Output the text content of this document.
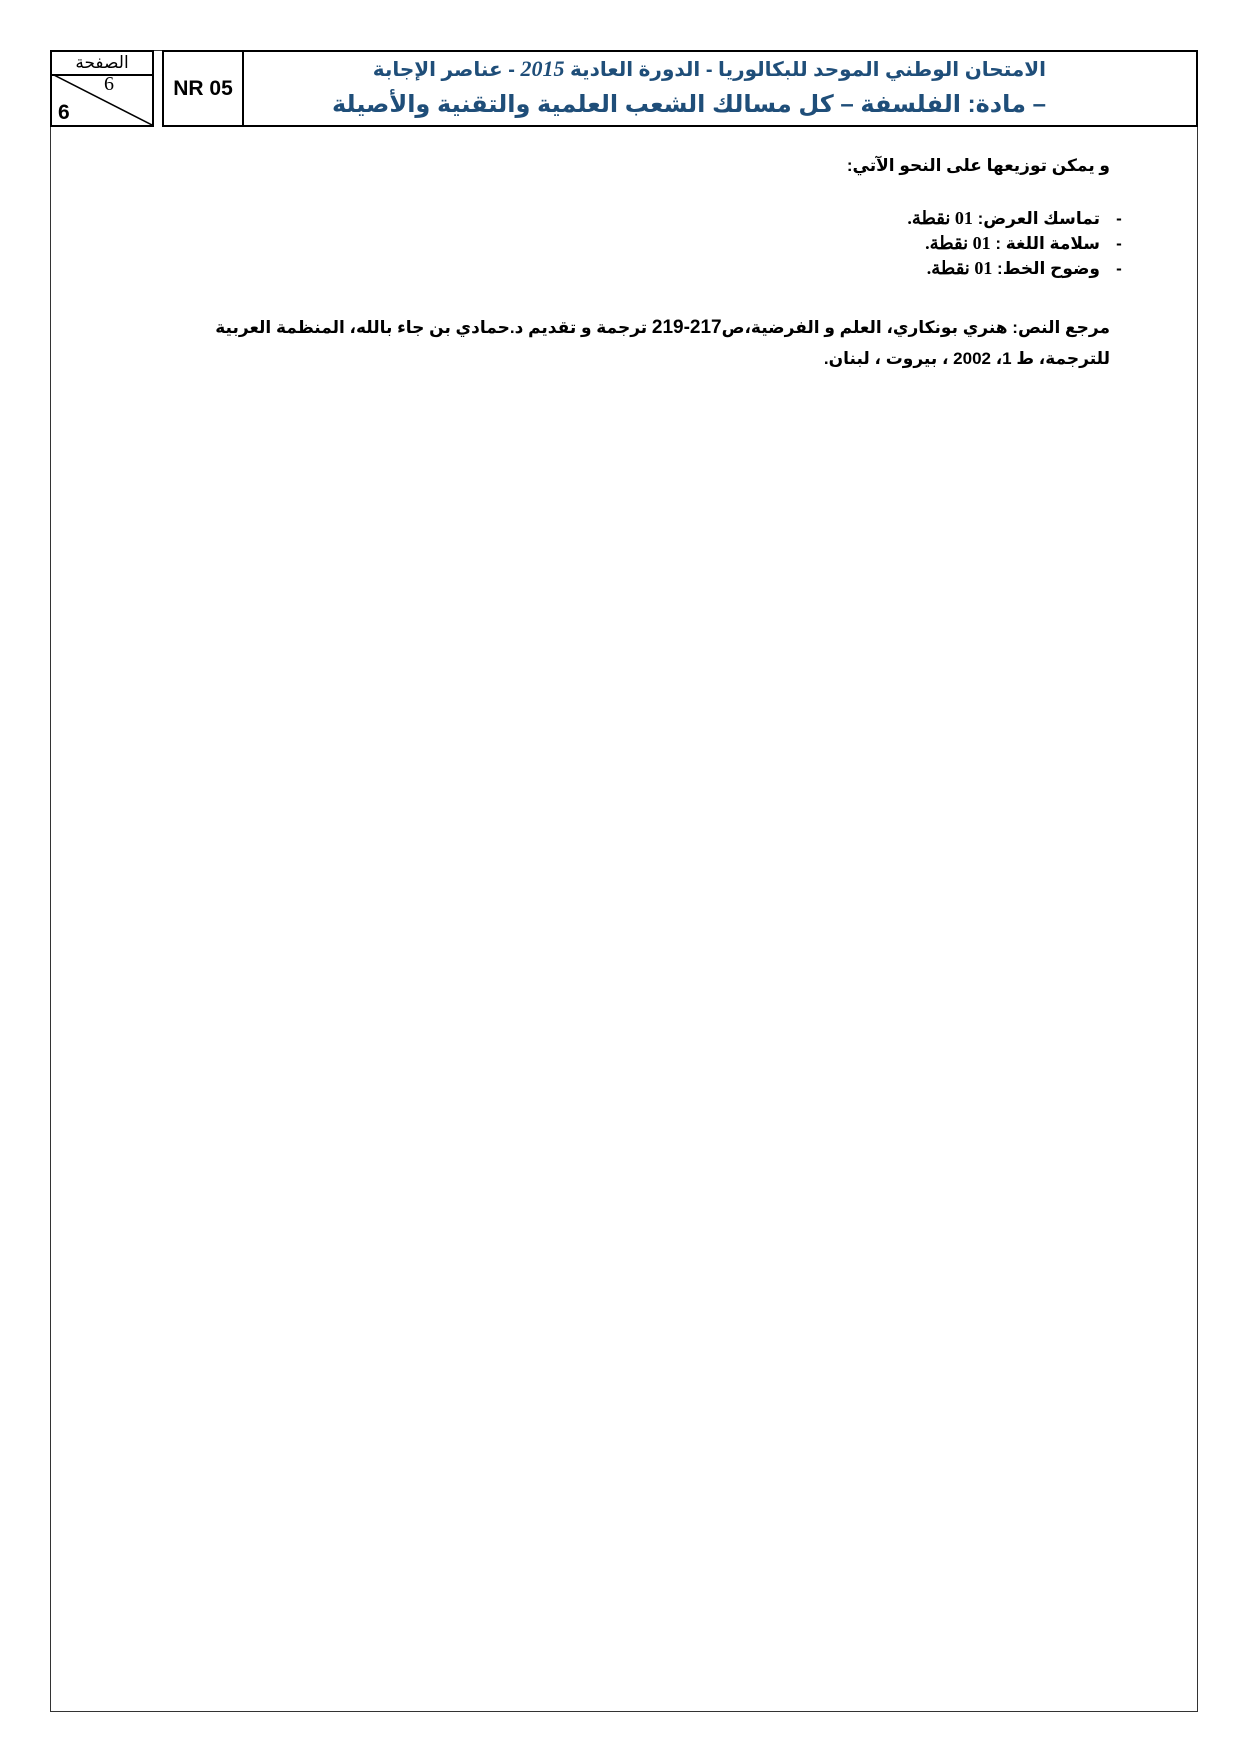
الصفحة
6
6
NR 05
الامتحان الوطني الموحد للبكالوريا - الدورة العادية 2015 - عناصر الإجابة
– مادة: الفلسفة – كل مسالك الشعب العلمية والتقنية والأصيلة
و يمكن توزيعها على النحو الآتي:
-تماسك العرض: 01 نقطة.
-سلامة اللغة : 01 نقطة.
-وضوح الخط: 01 نقطة.
مرجع النص: هنري بونكاري، العلم و الفرضية،ص217-219 ترجمة و تقديم د.حمادي بن جاء بالله، المنظمة العربية للترجمة، ط 1، 2002 ، بيروت ، لبنان.
